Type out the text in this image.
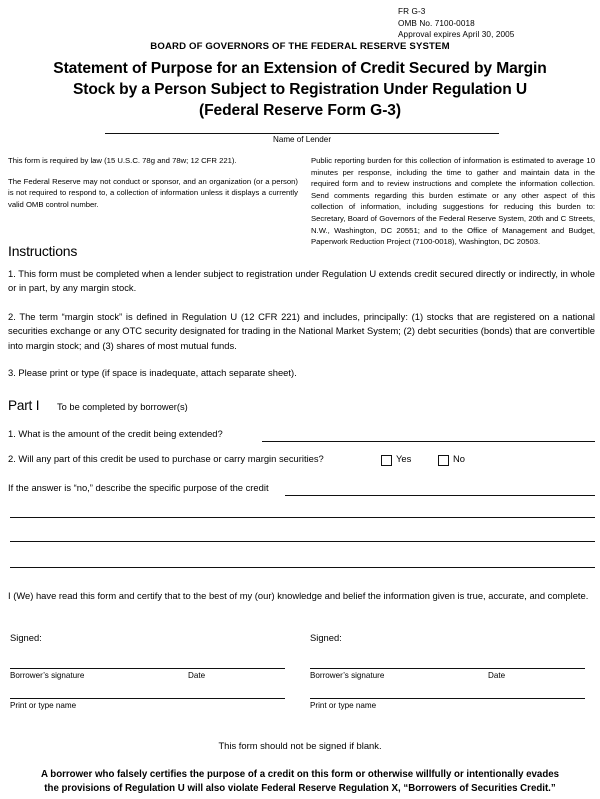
FR G-3
OMB No. 7100-0018
Approval expires April 30, 2005
BOARD OF GOVERNORS OF THE FEDERAL RESERVE SYSTEM
Statement of Purpose for an Extension of Credit Secured by Margin
Stock by a Person Subject to Registration Under Regulation U
(Federal Reserve Form G-3)
Name of Lender

This form is required by law (15 U.S.C. 78g and 78w; 12 CFR 221).

The Federal Reserve may not conduct or sponsor, and an organization (or a person) is not required to respond to, a collection of information unless it displays a currently valid OMB control number.

Public reporting burden for this collection of information is estimated to average 10 minutes per response, including the time to gather and maintain data in the required form and to review instructions and complete the information collection. Send comments regarding this burden estimate or any other aspect of this collection of information, including suggestions for reducing this burden to: Secretary, Board of Governors of the Federal Reserve System, 20th and C Streets, N.W., Washington, DC 20551; and to the Office of Management and Budget, Paperwork Reduction Project (7100-0018), Washington, DC 20503.

Instructions
1. This form must be completed when a lender subject to registration under Regulation U extends credit secured directly or indirectly, in whole or in part, by any margin stock.
2. The term “margin stock” is defined in Regulation U (12 CFR 221) and includes, principally: (1) stocks that are registered on a national securities exchange or any OTC security designated for trading in the National Market System; (2) debt securities (bonds) that are convertible into margin stock; and (3) shares of most mutual funds.
3. Please print or type (if space is inadequate, attach separate sheet).
Part I To be completed by borrower(s)
1. What is the amount of the credit being extended?
2. Will any part of this credit be used to purchase or carry margin securities?	Yes	No
If the answer is “no,” describe the specific purpose of the credit
I (We) have read this form and certify that to the best of my (our) knowledge and belief the information given is true, accurate, and complete.
Signed:
Borrower’s signature	Date
Print or type name
Signed:
Borrower’s signature	Date
Print or type name
This form should not be signed if blank.
A borrower who falsely certifies the purpose of a credit on this form or otherwise willfully or intentionally evades
the provisions of Regulation U will also violate Federal Reserve Regulation X, “Borrowers of Securities Credit.”
